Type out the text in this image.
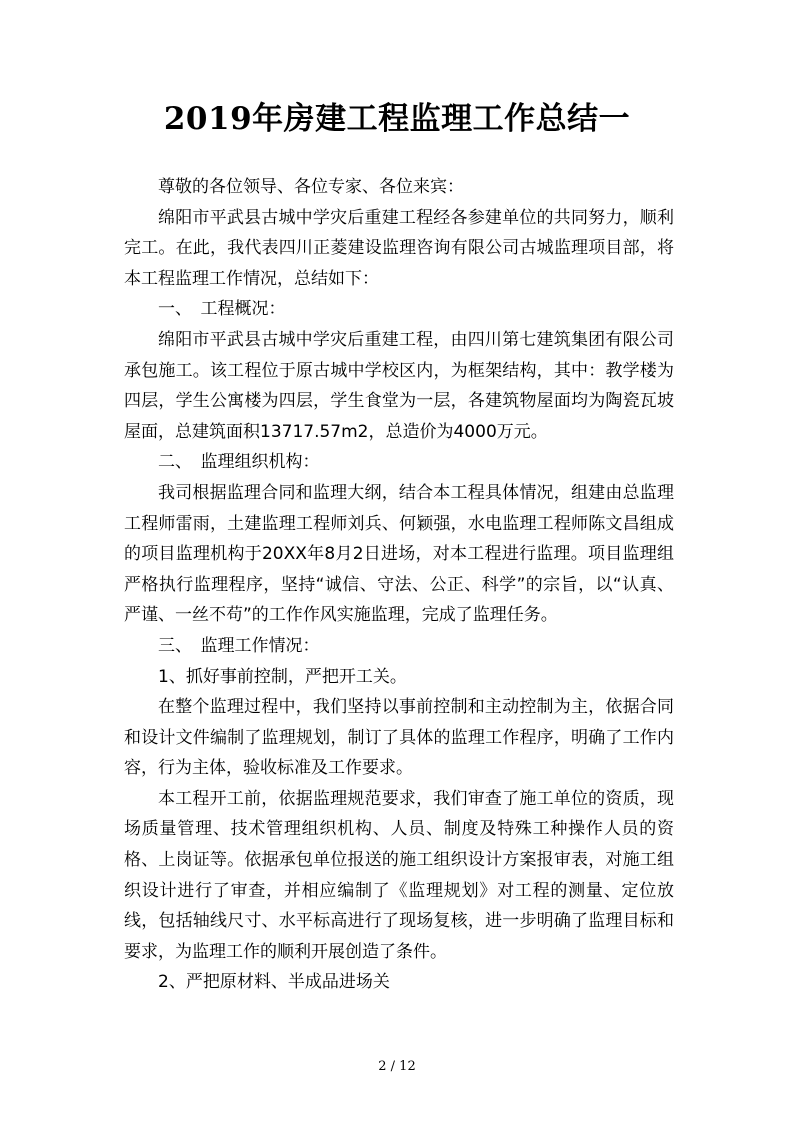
2019年房建工程监理工作总结一

尊敬的各位领导、各位专家、各位来宾：

绵阳市平武县古城中学灾后重建工程经各参建单位的共同努力，顺利完工。在此，我代表四川正菱建设监理咨询有限公司古城监理项目部，将本工程监理工作情况，总结如下：

一、　工程概况：

绵阳市平武县古城中学灾后重建工程，由四川第七建筑集团有限公司承包施工。该工程位于原古城中学校区内，为框架结构，其中：教学楼为四层，学生公寓楼为四层，学生食堂为一层，各建筑物屋面均为陶瓷瓦坡屋面，总建筑面积13717.57m2，总造价为4000万元。

二、　监理组织机构：

我司根据监理合同和监理大纲，结合本工程具体情况，组建由总监理工程师雷雨，土建监理工程师刘兵、何颖强，水电监理工程师陈文昌组成的项目监理机构于20XX年8月2日进场，对本工程进行监理。项目监理组严格执行监理程序，坚持“诚信、守法、公正、科学”的宗旨，以“认真、严谨、一丝不苟”的工作作风实施监理，完成了监理任务。

三、　监理工作情况：

1、抓好事前控制，严把开工关。

在整个监理过程中，我们坚持以事前控制和主动控制为主，依据合同和设计文件编制了监理规划，制订了具体的监理工作程序，明确了工作内容，行为主体，验收标准及工作要求。

本工程开工前，依据监理规范要求，我们审查了施工单位的资质，现场质量管理、技术管理组织机构、人员、制度及特殊工种操作人员的资格、上岗证等。依据承包单位报送的施工组织设计方案报审表，对施工组织设计进行了审查，并相应编制了《监理规划》对工程的测量、定位放线，包括轴线尺寸、水平标高进行了现场复核，进一步明确了监理目标和要求，为监理工作的顺利开展创造了条件。

2、严把原材料、半成品进场关

2 / 12
